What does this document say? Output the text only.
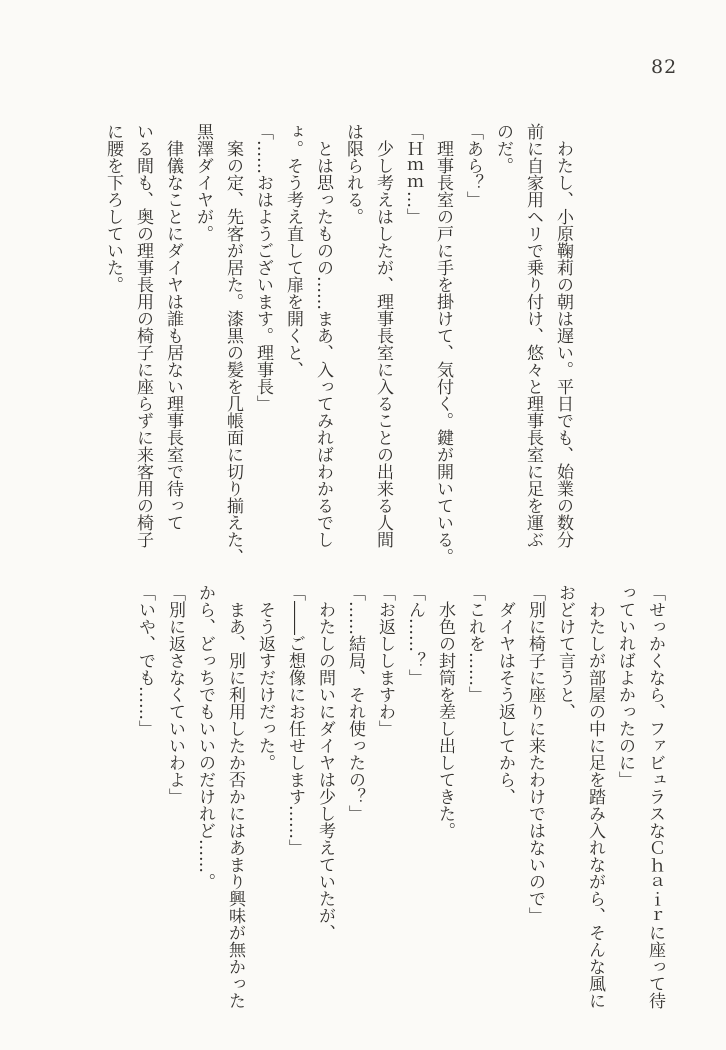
82

わたし、小原鞠莉の朝は遅い。平日でも、始業の数分

前に自家用ヘリで乗り付け、悠々と理事長室に足を運ぶ

のだ。

「あら？」

理事長室の戸に手を掛けて、気付く。鍵が開いている。

「Ｈｍｍ…」

少し考えはしたが、理事長室に入ることの出来る人間

は限られる。

とは思ったものの……まあ、入ってみればわかるでし

ょ。そう考え直して扉を開くと、

「……おはようございます。理事長」

案の定、先客が居た。漆黒の髪を几帳面に切り揃えた、

黒澤ダイヤが。

律儀なことにダイヤは誰も居ない理事長室で待って

いる間も、奥の理事長用の椅子に座らずに来客用の椅子

に腰を下ろしていた。

「せっかくなら、ファビュラスなＣｈａｉｒに座って待

っていればよかったのに」

わたしが部屋の中に足を踏み入れながら、そんな風に

おどけて言うと、

「別に椅子に座りに来たわけではないので」

ダイヤはそう返してから、

「これを……」

水色の封筒を差し出してきた。

「ん……？」

「お返ししますわ」

「……結局、それ使ったの？」

わたしの問いにダイヤは少し考えていたが、

「――ご想像にお任せします……」

そう返すだけだった。

まあ、別に利用したか否かにはあまり興味が無かった

から、どっちでもいいのだけれど……。

「別に返さなくていいわよ」

「いや、でも……」
